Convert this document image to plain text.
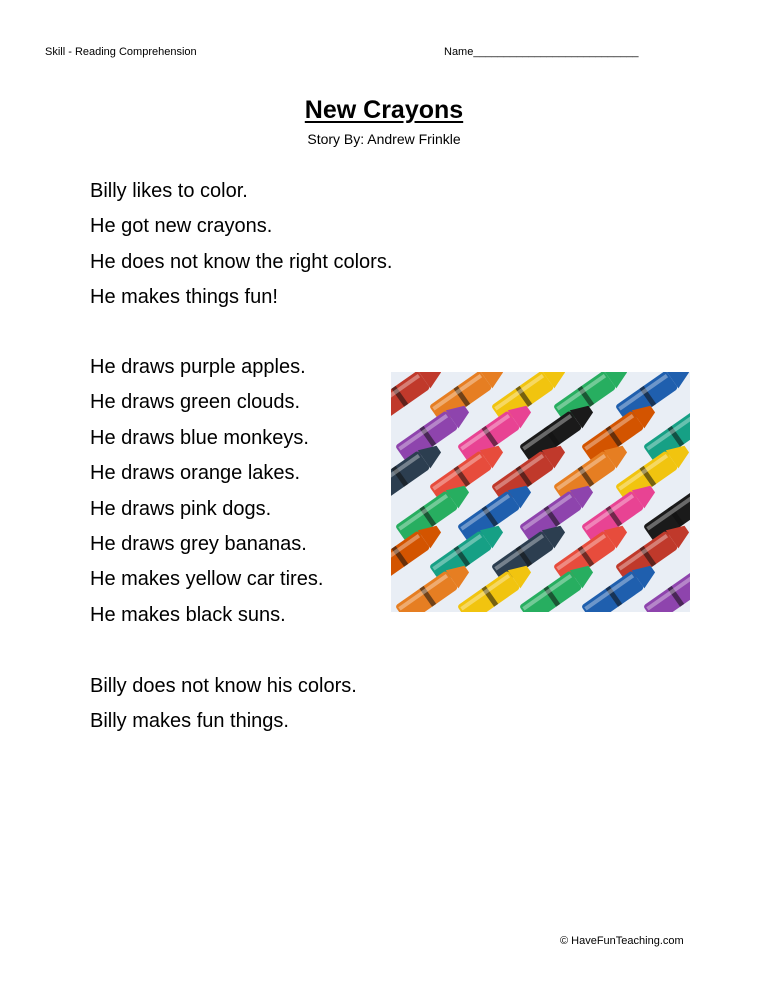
Skill - Reading Comprehension	Name___________________________
New Crayons
Story By: Andrew Frinkle
Billy likes to color.
He got new crayons.
He does not know the right colors.
He makes things fun!
He draws purple apples.
He draws green clouds.
He draws blue monkeys.
He draws orange lakes.
He draws pink dogs.
He draws grey bananas.
He makes yellow car tires.
He makes black suns.
Billy does not know his colors.
Billy makes fun things.
© HaveFunTeaching.com
